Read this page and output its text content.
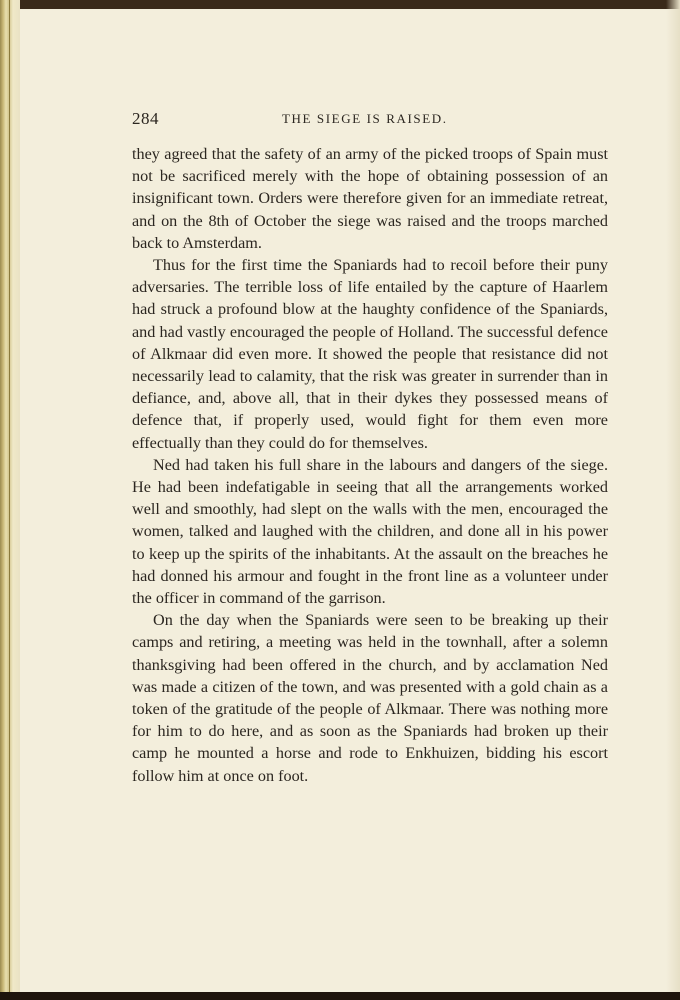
284	THE SIEGE IS RAISED.

they agreed that the safety of an army of the picked troops of Spain must not be sacrificed merely with the hope of obtaining possession of an insignificant town. Orders were therefore given for an immediate retreat, and on the 8th of October the siege was raised and the troops marched back to Amsterdam.

Thus for the first time the Spaniards had to recoil before their puny adversaries. The terrible loss of life entailed by the capture of Haarlem had struck a profound blow at the haughty confidence of the Spaniards, and had vastly encouraged the people of Holland. The successful defence of Alkmaar did even more. It showed the people that resistance did not necessarily lead to calamity, that the risk was greater in surrender than in defiance, and, above all, that in their dykes they possessed means of defence that, if properly used, would fight for them even more effectually than they could do for themselves.

Ned had taken his full share in the labours and dangers of the siege. He had been indefatigable in seeing that all the arrangements worked well and smoothly, had slept on the walls with the men, encouraged the women, talked and laughed with the children, and done all in his power to keep up the spirits of the inhabitants. At the assault on the breaches he had donned his armour and fought in the front line as a volunteer under the officer in command of the garrison.

On the day when the Spaniards were seen to be breaking up their camps and retiring, a meeting was held in the townhall, after a solemn thanksgiving had been offered in the church, and by acclamation Ned was made a citizen of the town, and was presented with a gold chain as a token of the gratitude of the people of Alkmaar. There was nothing more for him to do here, and as soon as the Spaniards had broken up their camp he mounted a horse and rode to Enkhuizen, bidding his escort follow him at once on foot.
